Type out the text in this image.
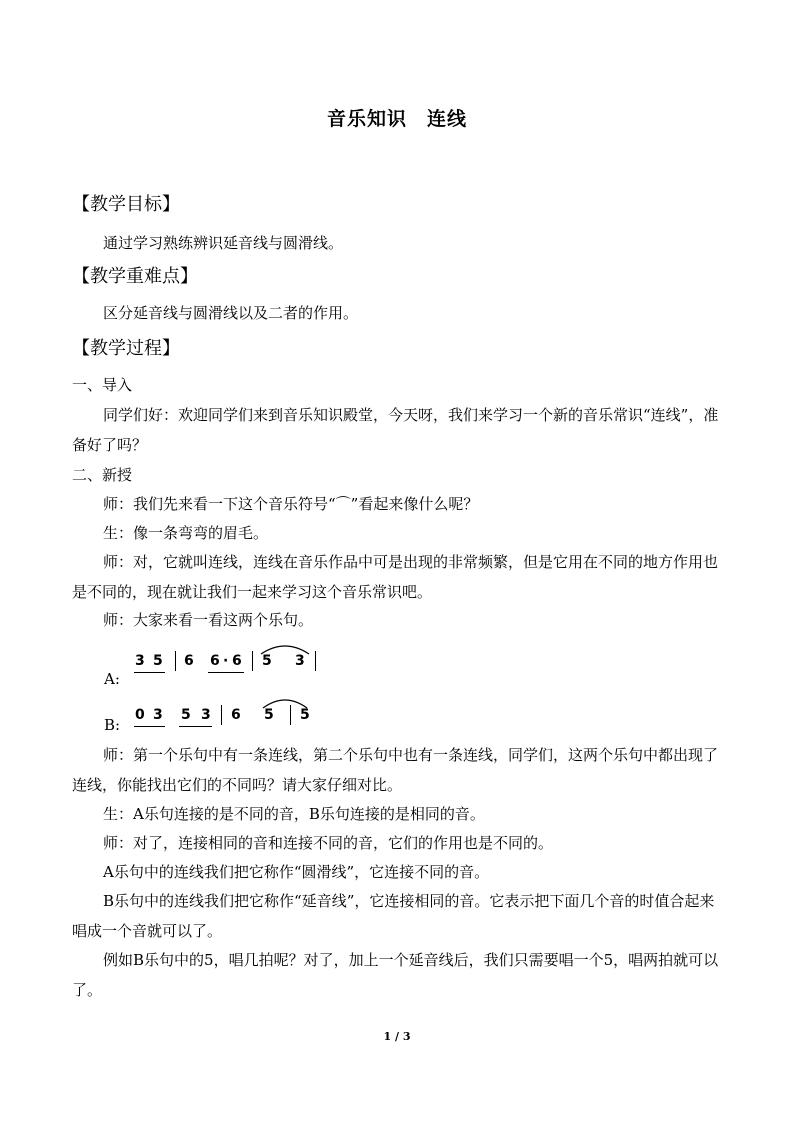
音乐知识　连线
【教学目标】
通过学习熟练辨识延音线与圆滑线。
【教学重难点】
区分延音线与圆滑线以及二者的作用。
【教学过程】
一、导入
同学们好：欢迎同学们来到音乐知识殿堂，今天呀，我们来学习一个新的音乐常识“连线”，准备好了吗？
二、新授
师：我们先来看一下这个音乐符号“⌒”看起来像什么呢？
生：像一条弯弯的眉毛。
师：对，它就叫连线，连线在音乐作品中可是出现的非常频繁，但是它用在不同的地方作用也是不同的，现在就让我们一起来学习这个音乐常识吧。
师：大家来看一看这两个乐句。
A:
3 5 6 6 · 6 5 3
B:
0 3 5 3 6 5 5
师：第一个乐句中有一条连线，第二个乐句中也有一条连线，同学们，这两个乐句中都出现了连线，你能找出它们的不同吗？请大家仔细对比。
生：A乐句连接的是不同的音，B乐句连接的是相同的音。
师：对了，连接相同的音和连接不同的音，它们的作用也是不同的。
A乐句中的连线我们把它称作“圆滑线”，它连接不同的音。
B乐句中的连线我们把它称作“延音线”，它连接相同的音。它表示把下面几个音的时值合起来唱成一个音就可以了。
例如B乐句中的5，唱几拍呢？对了，加上一个延音线后，我们只需要唱一个5，唱两拍就可以了。
1 / 3
